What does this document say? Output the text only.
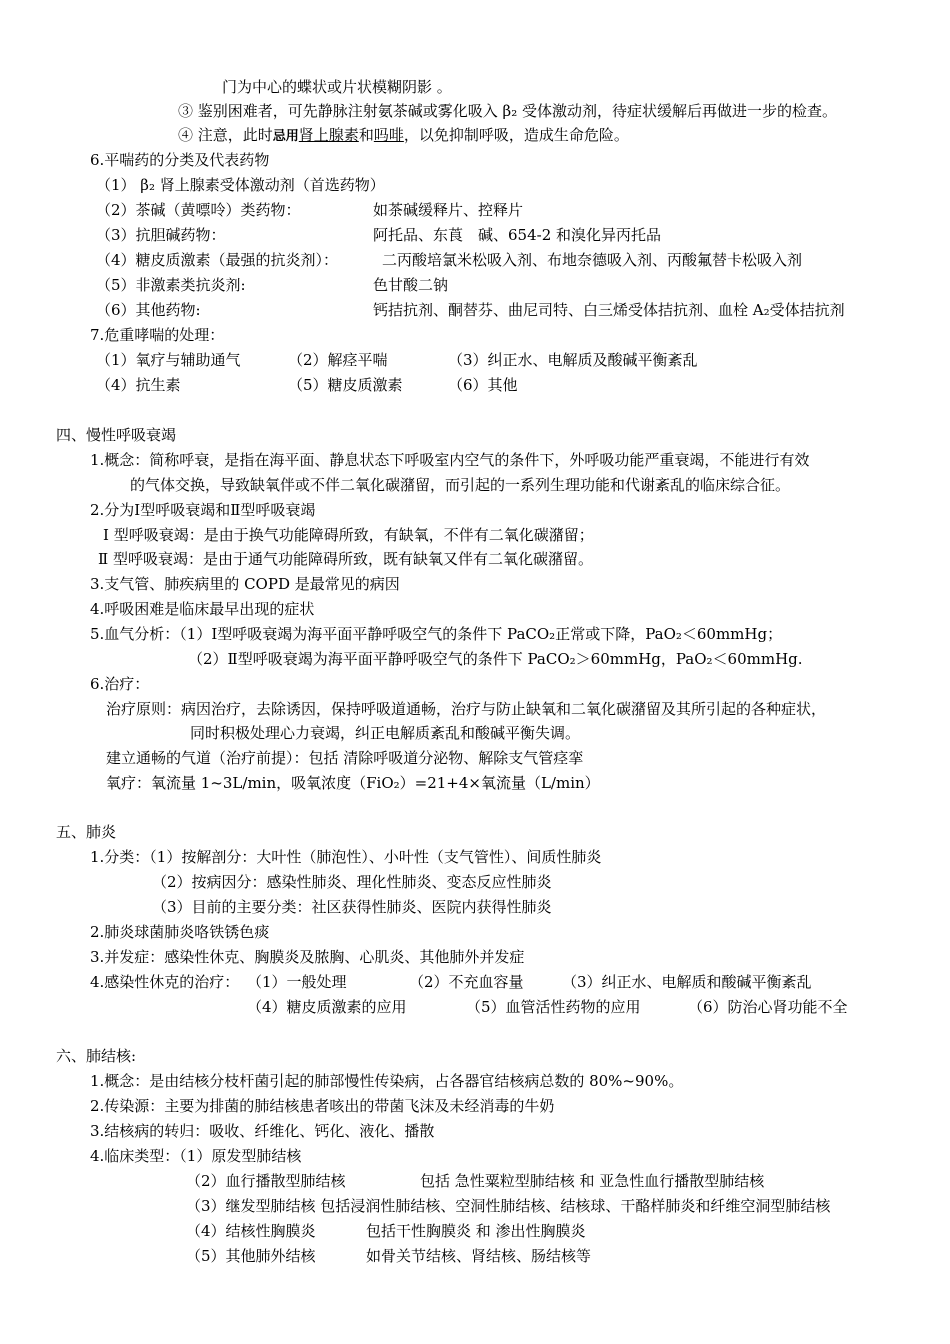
门为中心的蝶状或片状模糊阴影 。
③ 鉴别困难者，可先静脉注射氨茶碱或雾化吸入 β₂ 受体激动剂，待症状缓解后再做进一步的检查。
④ 注意，此时忌用肾上腺素和吗啡，以免抑制呼吸，造成生命危险。
6.平喘药的分类及代表药物
（1） β₂ 肾上腺素受体激动剂（首选药物）
（2）茶碱（黄嘌呤）类药物：	如茶碱缓释片、控释片
（3）抗胆碱药物：	阿托品、东莨　碱、654-2 和溴化异丙托品
（4）糖皮质激素（最强的抗炎剂）：	二丙酸培氯米松吸入剂、布地奈德吸入剂、丙酸氟替卡松吸入剂
（5）非激素类抗炎剂:	色甘酸二钠
（6）其他药物:	钙拮抗剂、酮替芬、曲尼司特、白三烯受体拮抗剂、血栓 A₂受体拮抗剂
7.危重哮喘的处理：
（1）氧疗与辅助通气	（2）解痉平喘	（3）纠正水、电解质及酸碱平衡紊乱
（4）抗生素	（5）糖皮质激素	（6）其他
四、慢性呼吸衰竭
1.概念：简称呼衰，是指在海平面、静息状态下呼吸室内空气的条件下，外呼吸功能严重衰竭，不能进行有效
的气体交换，导致缺氧伴或不伴二氧化碳潴留，而引起的一系列生理功能和代谢紊乱的临床综合征。
2.分为Ⅰ型呼吸衰竭和Ⅱ型呼吸衰竭
Ⅰ 型呼吸衰竭：是由于换气功能障碍所致，有缺氧，不伴有二氧化碳潴留；
Ⅱ 型呼吸衰竭：是由于通气功能障碍所致，既有缺氧又伴有二氧化碳潴留。
3.支气管、肺疾病里的 COPD 是最常见的病因
4.呼吸困难是临床最早出现的症状
5.血气分析：（1）Ⅰ型呼吸衰竭为海平面平静呼吸空气的条件下 PaCO₂正常或下降，PaO₂＜60mmHg；
（2）Ⅱ型呼吸衰竭为海平面平静呼吸空气的条件下 PaCO₂＞60mmHg，PaO₂＜60mmHg.
6.治疗：
治疗原则：病因治疗，去除诱因，保持呼吸道通畅，治疗与防止缺氧和二氧化碳潴留及其所引起的各种症状，
同时积极处理心力衰竭，纠正电解质紊乱和酸碱平衡失调。
建立通畅的气道（治疗前提）：包括 清除呼吸道分泌物、解除支气管痉挛
氧疗：氧流量 1~3L/min，吸氧浓度（FiO₂）=21+4×氧流量（L/min）
五、肺炎
1.分类：（1）按解剖分：大叶性（肺泡性）、小叶性（支气管性）、间质性肺炎
（2）按病因分：感染性肺炎、理化性肺炎、变态反应性肺炎
（3）目前的主要分类：社区获得性肺炎、医院内获得性肺炎
2.肺炎球菌肺炎咯铁锈色痰
3.并发症：感染性休克、胸膜炎及脓胸、心肌炎、其他肺外并发症
4.感染性休克的治疗： （1）一般处理	（2）不充血容量	（3）纠正水、电解质和酸碱平衡紊乱
（4）糖皮质激素的应用	（5）血管活性药物的应用	（6）防治心肾功能不全
六、肺结核:
1.概念：是由结核分枝杆菌引起的肺部慢性传染病，占各器官结核病总数的 80%~90%。
2.传染源：主要为排菌的肺结核患者咳出的带菌飞沫及未经消毒的牛奶
3.结核病的转归：吸收、纤维化、钙化、液化、播散
4.临床类型：（1）原发型肺结核
（2）血行播散型肺结核	包括 急性粟粒型肺结核 和 亚急性血行播散型肺结核
（3）继发型肺结核 包括浸润性肺结核、空洞性肺结核、结核球、干酪样肺炎和纤维空洞型肺结核
（4）结核性胸膜炎	包括干性胸膜炎 和 渗出性胸膜炎
（5）其他肺外结核	如骨关节结核、肾结核、肠结核等
